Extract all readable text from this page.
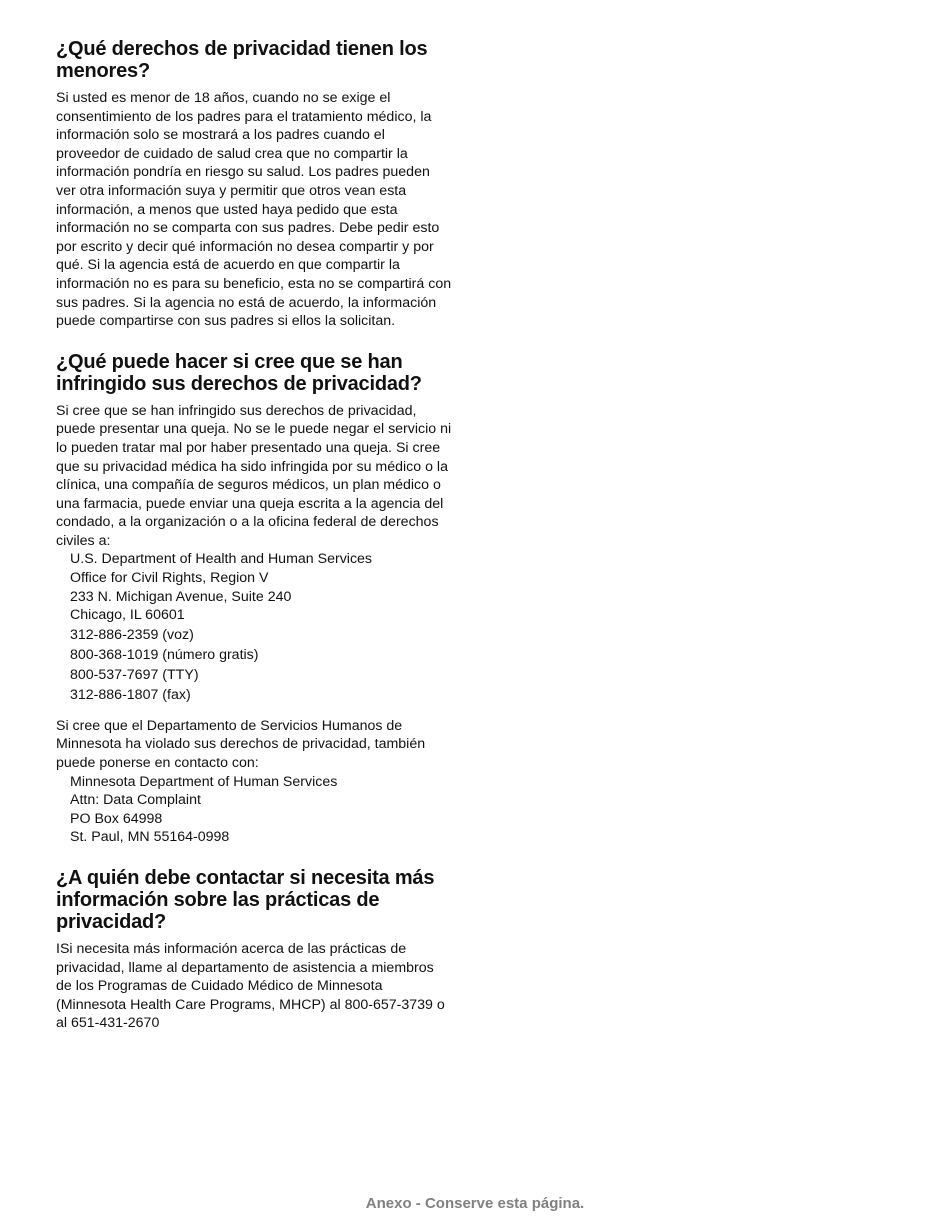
¿Qué derechos de privacidad tienen los menores?

Si usted es menor de 18 años, cuando no se exige el consentimiento de los padres para el tratamiento médico, la información solo se mostrará a los padres cuando el proveedor de cuidado de salud crea que no compartir la información pondría en riesgo su salud. Los padres pueden ver otra información suya y permitir que otros vean esta información, a menos que usted haya pedido que esta información no se comparta con sus padres. Debe pedir esto por escrito y decir qué información no desea compartir y por qué. Si la agencia está de acuerdo en que compartir la información no es para su beneficio, esta no se compartirá con sus padres. Si la agencia no está de acuerdo, la información puede compartirse con sus padres si ellos la solicitan.

¿Qué puede hacer si cree que se han infringido sus derechos de privacidad?

Si cree que se han infringido sus derechos de privacidad, puede presentar una queja. No se le puede negar el servicio ni lo pueden tratar mal por haber presentado una queja. Si cree que su privacidad médica ha sido infringida por su médico o la clínica, una compañía de seguros médicos, un plan médico o una farmacia, puede enviar una queja escrita a la agencia del condado, a la organización o a la oficina federal de derechos civiles a:

U.S. Department of Health and Human Services
Office for Civil Rights, Region V
233 N. Michigan Avenue, Suite 240
Chicago, IL 60601
312-886-2359 (voz)
800-368-1019 (número gratis)
800-537-7697 (TTY)
312-886-1807 (fax)

Si cree que el Departamento de Servicios Humanos de Minnesota ha violado sus derechos de privacidad, también puede ponerse en contacto con:

Minnesota Department of Human Services
Attn: Data Complaint
PO Box 64998
St. Paul, MN 55164-0998
¿A quién debe contactar si necesita más información sobre las prácticas de privacidad?

ISi necesita más información acerca de las prácticas de privacidad, llame al departamento de asistencia a miembros de los Programas de Cuidado Médico de Minnesota (Minnesota Health Care Programs, MHCP) al 800-657-3739 o al 651-431-2670

Anexo - Conserve esta página.
